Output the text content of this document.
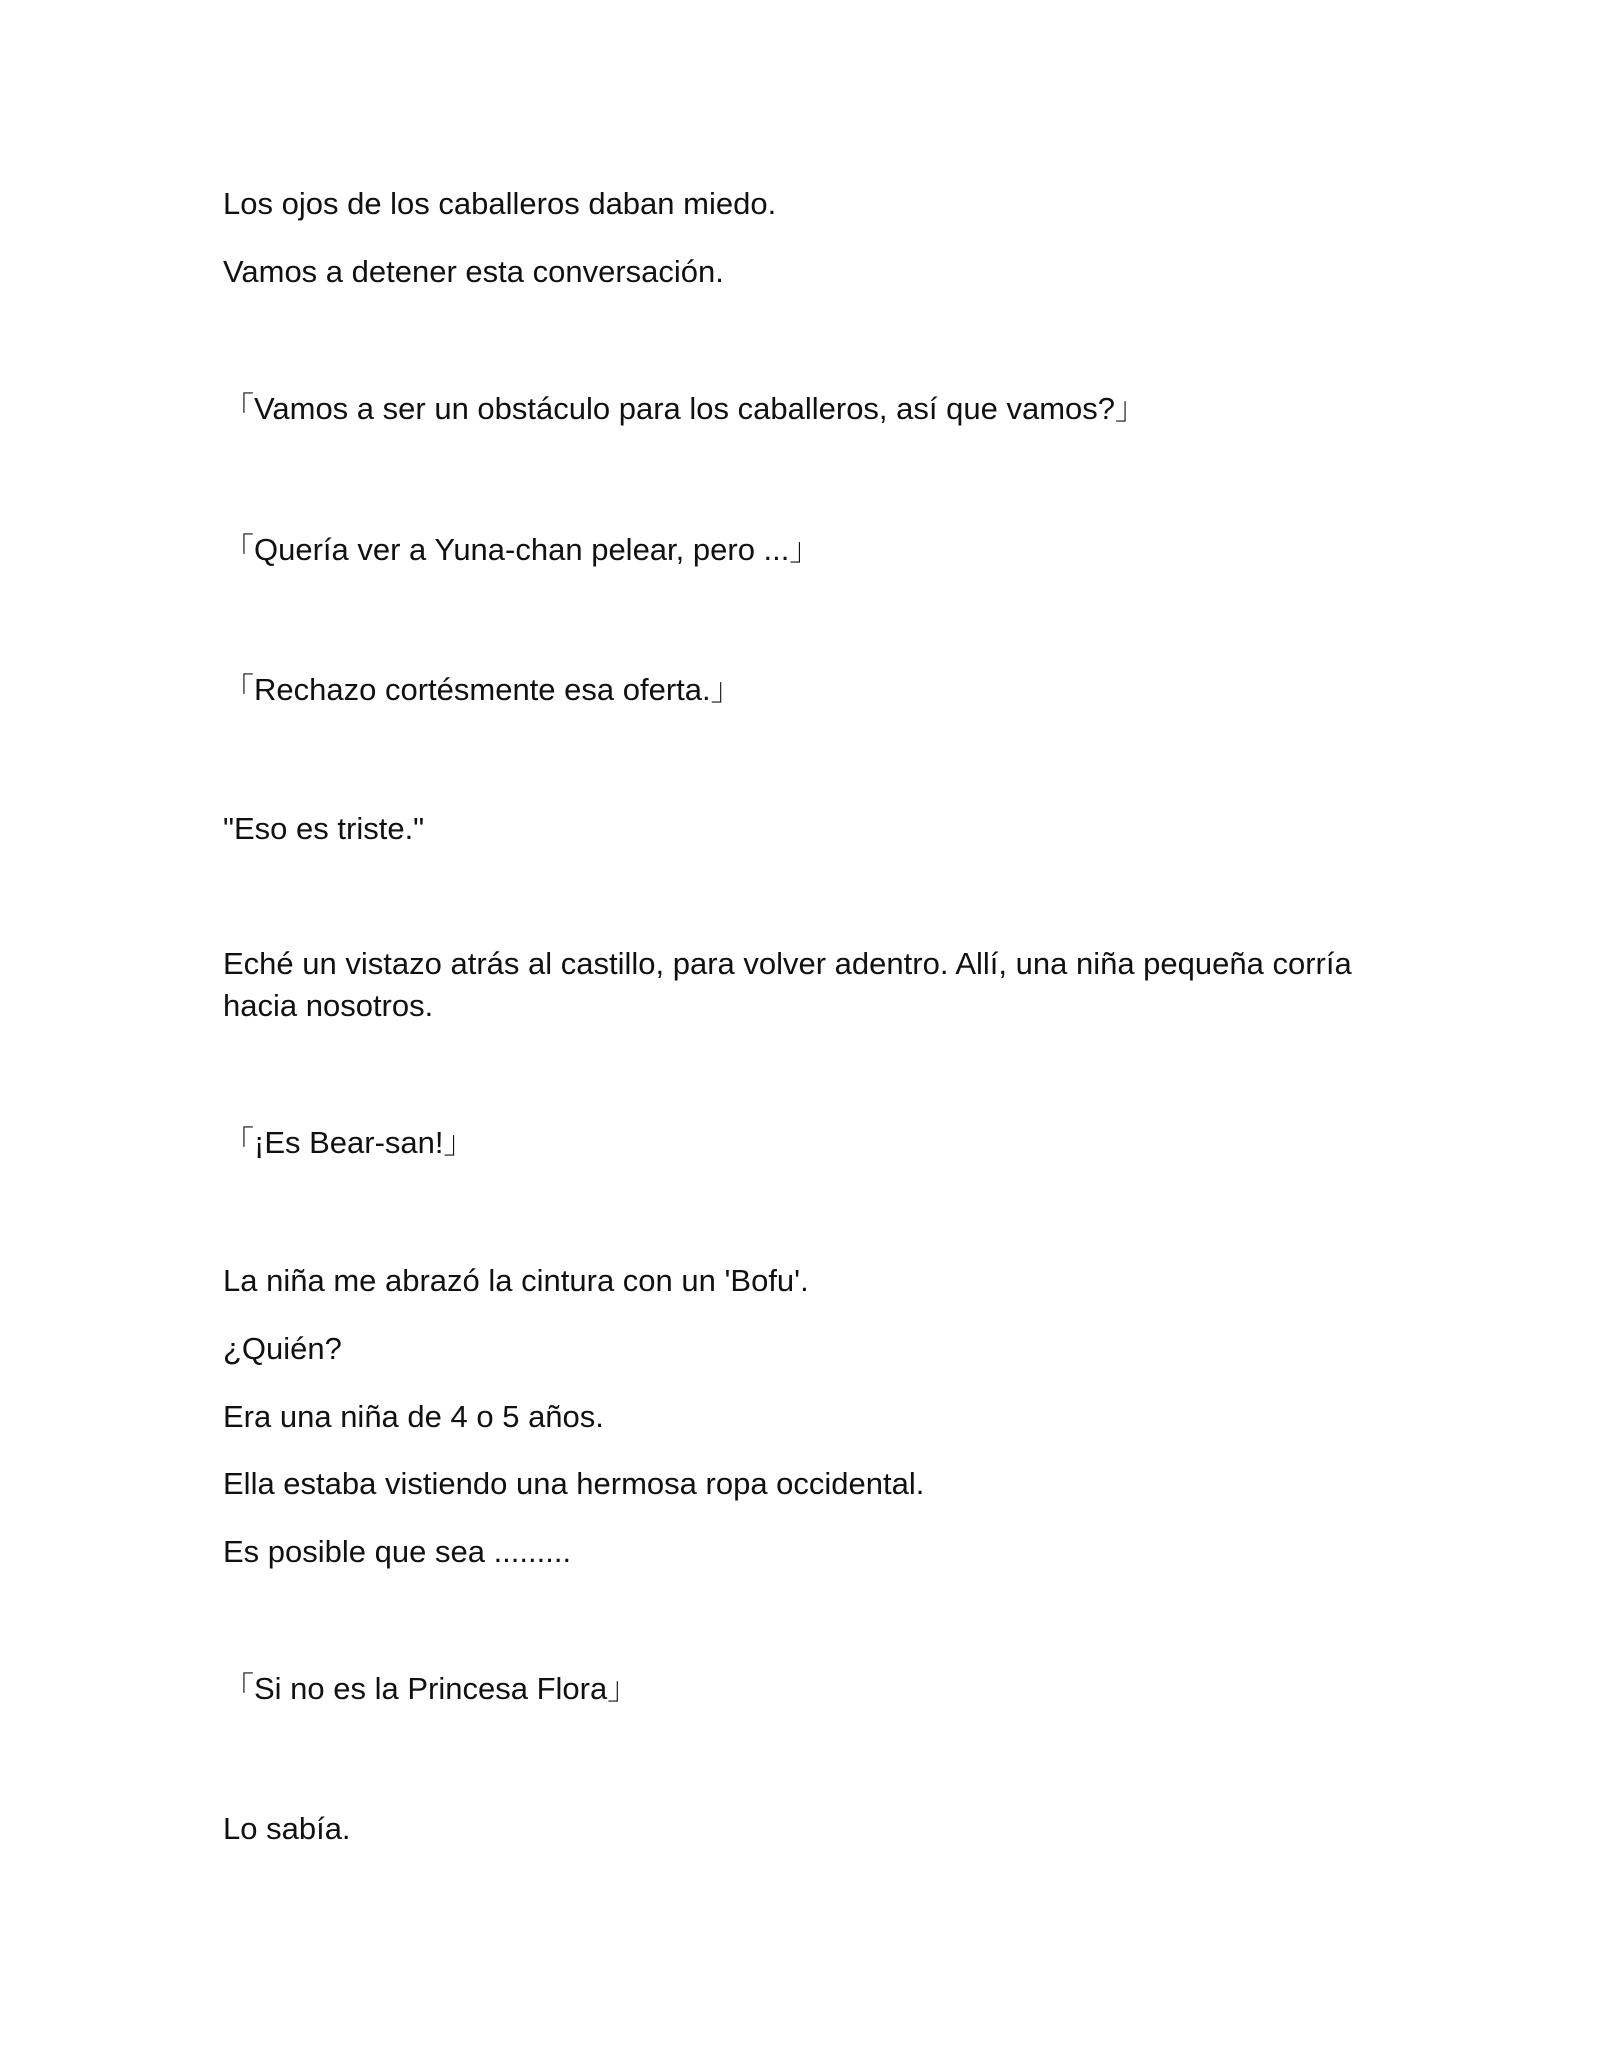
Los ojos de los caballeros daban miedo.

Vamos a detener esta conversación.

「Vamos a ser un obstáculo para los caballeros, así que vamos?」

「Quería ver a Yuna-chan pelear, pero ...」

「Rechazo cortésmente esa oferta.」

"Eso es triste."

Eché un vistazo atrás al castillo, para volver adentro. Allí, una niña pequeña corría hacia nosotros.

「¡Es Bear-san!」

La niña me abrazó la cintura con un 'Bofu'.

¿Quién?

Era una niña de 4 o 5 años.

Ella estaba vistiendo una hermosa ropa occidental.

Es posible que sea .........

「Si no es la Princesa Flora」

Lo sabía.
